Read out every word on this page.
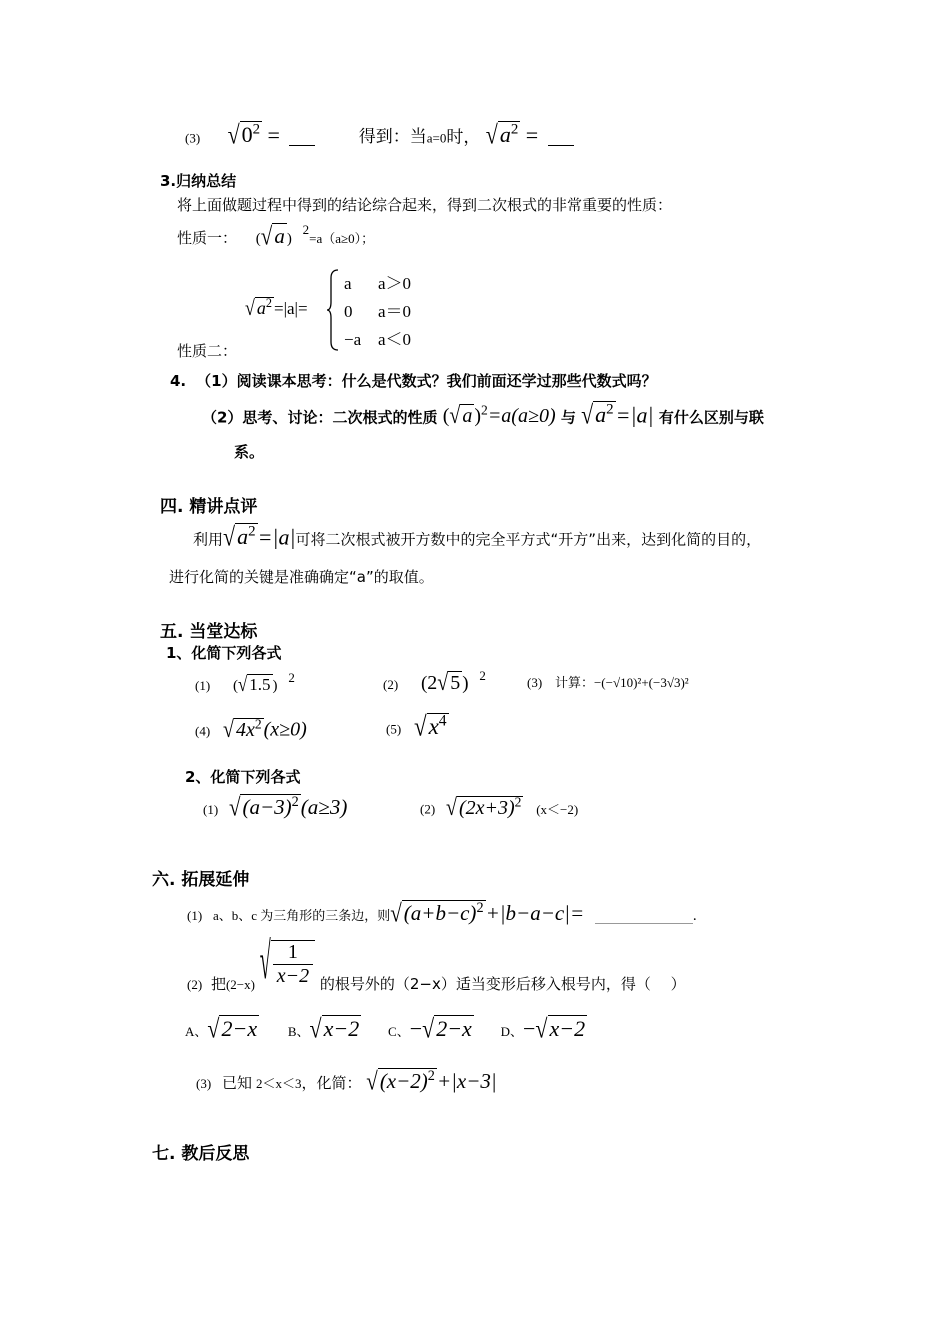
(3) $√0^2$ =	得到：当a=0时， $√a^2$ =
3.归纳总结
将上面做题过程中得到的结论综合起来，得到二次根式的非常重要的性质：
性质一： (√a ) 2=a（a≥0）；
√ $a^2 =|a|=$
a a＞0
0 a＝0
−a a＜0
性质二：
4. （1）阅读课本思考：什么是代数式？我们前面还学过那些代数式吗？
（2）思考、讨论：二次根式的性质 (√ a )$^2$=a(a≥0) 与 $√a^2=|a|$ 有什么区别与联
系。
四. 精讲点评
利用$√a^2=|a|$可将二次根式被开方数中的完全平方式“开方”出来，达到化简的目的，
进行化简的关键是准确确定“a”的取值。
五. 当堂达标
1、化简下列各式
(1) (√ 1.5 ) 2	(2) (2√ 5 ) 2	(3) 计算：−(−√10)²+(−3√3)²
(4) √ $4x^2$ (x≥0)	(5) $√x^4$
2、化简下列各式
(1) $√(a-3)^2(a\ge 3)$	(2) √ $(2x+3)^2$ (x＜−2)
六. 拓展延伸
(1) a、b、c 为三角形的三条边，则$√(a+b-c)^2+|b-a-c|=$	.
(2) 把(2−x) √ $\frac{1}{x-2}$ 的根号外的（2−x）适当变形后移入根号内，得（　 ）
A、√2−x B、√x−2 C、−√2−x D、−√x−2
(3) 已知 2＜x＜3，化简： $√(x-2)^2+|x-3|$
七. 教后反思
